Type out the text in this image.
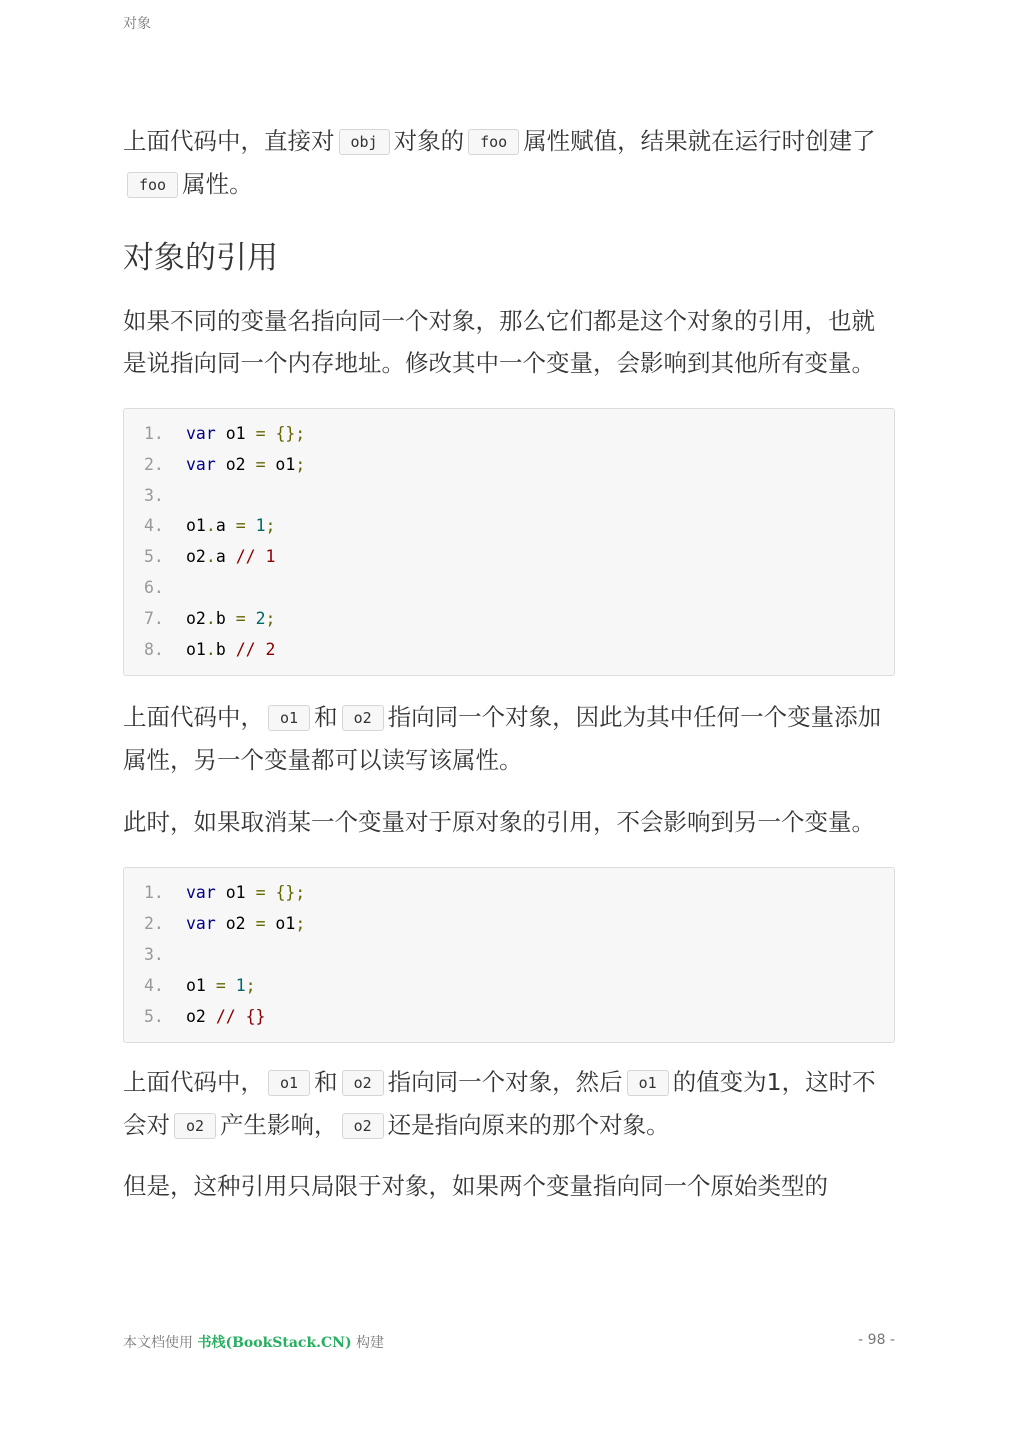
对象

上面代码中，直接对 obj 对象的 foo 属性赋值，结果就在运行时创建了foo 属性。

对象的引用

如果不同的变量名指向同一个对象，那么它们都是这个对象的引用，也就是说指向同一个内存地址。修改其中一个变量，会影响到其他所有变量。

1. var o1 = {};
2. var o2 = o1;
3.
4. o1.a = 1;
5. o2.a // 1
6.
7. o2.b = 2;
8. o1.b // 2

上面代码中， o1 和 o2 指向同一个对象，因此为其中任何一个变量添加属性，另一个变量都可以读写该属性。

此时，如果取消某一个变量对于原对象的引用，不会影响到另一个变量。

1. var o1 = {};
2. var o2 = o1;
3.
4. o1 = 1;
5. o2 // {}

上面代码中， o1 和 o2 指向同一个对象，然后 o1 的值变为1，这时不会对 o2 产生影响， o2 还是指向原来的那个对象。

但是，这种引用只局限于对象，如果两个变量指向同一个原始类型的

本文档使用 书栈(BookStack.CN) 构建	- 98 -
